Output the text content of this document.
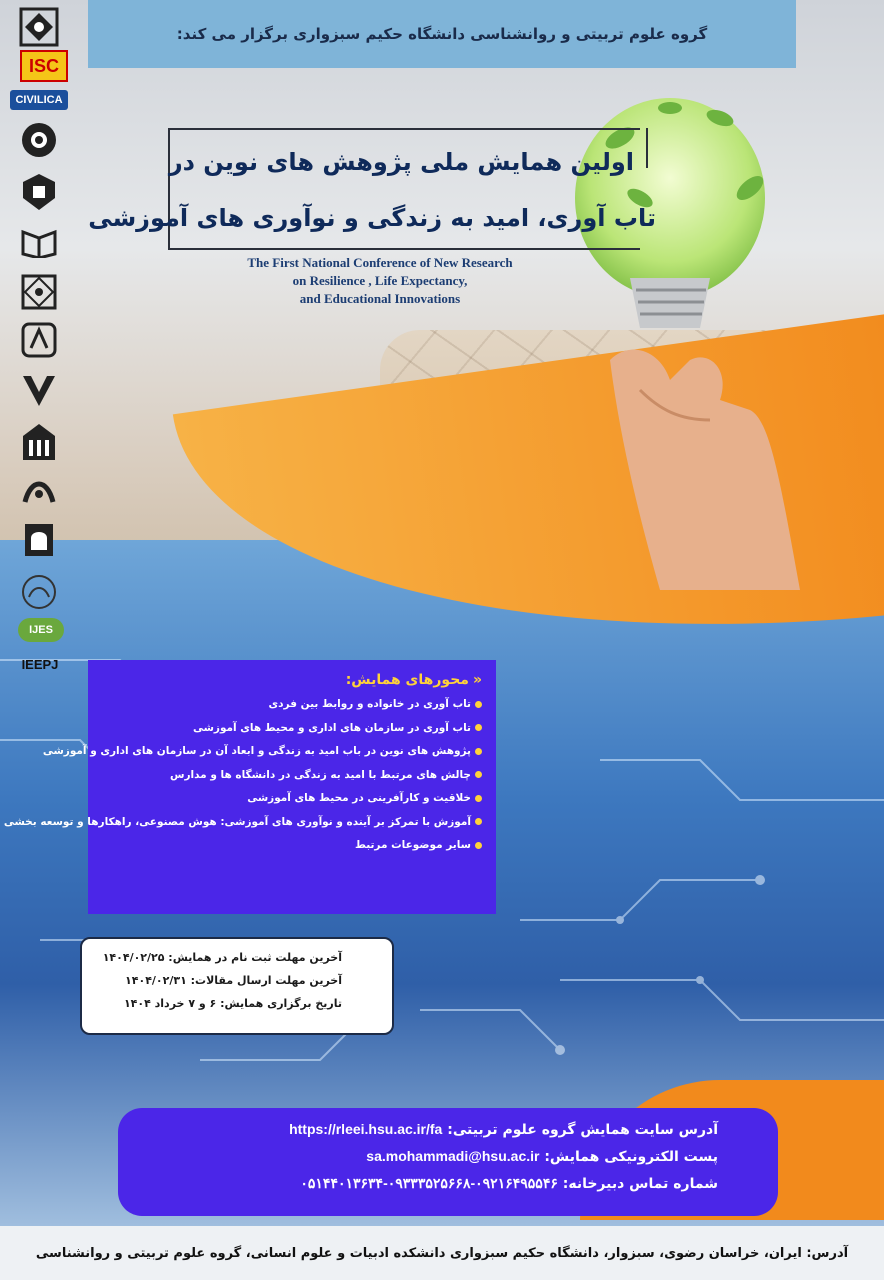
گروه علوم تربیتی و روانشناسی دانشگاه حکیم سبزواری برگزار می کند:
ISC
CIVILICA
IJES
IEEPJ
اولین همایش ملی پژوهش های نوین در
تاب آوری، امید به زندگی و نوآوری های آموزشی
The First National Conference of New Research
on Resilience , Life Expectancy,
and Educational Innovations
«محورهای همایش:
تاب آوری در خانواده و روابط بین فردی
تاب آوری در سازمان های اداری و محیط های آموزشی
پژوهش های نوین در باب امید به زندگی و ابعاد آن در سازمان های اداری و آموزشی
چالش های مرتبط با امید به زندگی در دانشگاه ها و مدارس
خلاقیت و کارآفرینی در محیط های آموزشی
آموزش با تمرکز بر آینده و نوآوری های آموزشی: هوش مصنوعی، راهکارها و توسعه بخشی
سایر موضوعات مرتبط
آخرین مهلت ثبت نام در همایش: ۱۴۰۴/۰۲/۲۵
آخرین مهلت ارسال مقالات: ۱۴۰۴/۰۲/۳۱
تاریخ برگزاری همایش: ۶ و ۷ خرداد ۱۴۰۴
آدرس سایت همایش گروه علوم تربیتی: https://rleei.hsu.ac.ir/fa
پست الکترونیکی همایش: sa.mohammadi@hsu.ac.ir
شماره تماس دبیرخانه: ۰۹۲۱۶۴۹۵۵۴۶-۰۹۳۳۳۵۲۵۶۶۸-۰۵۱۴۴۰۱۳۶۳۴
آدرس: ایران، خراسان رضوی، سبزوار، دانشگاه حکیم سبزواری دانشکده ادبیات و علوم انسانی، گروه علوم تربیتی و روانشناسی
